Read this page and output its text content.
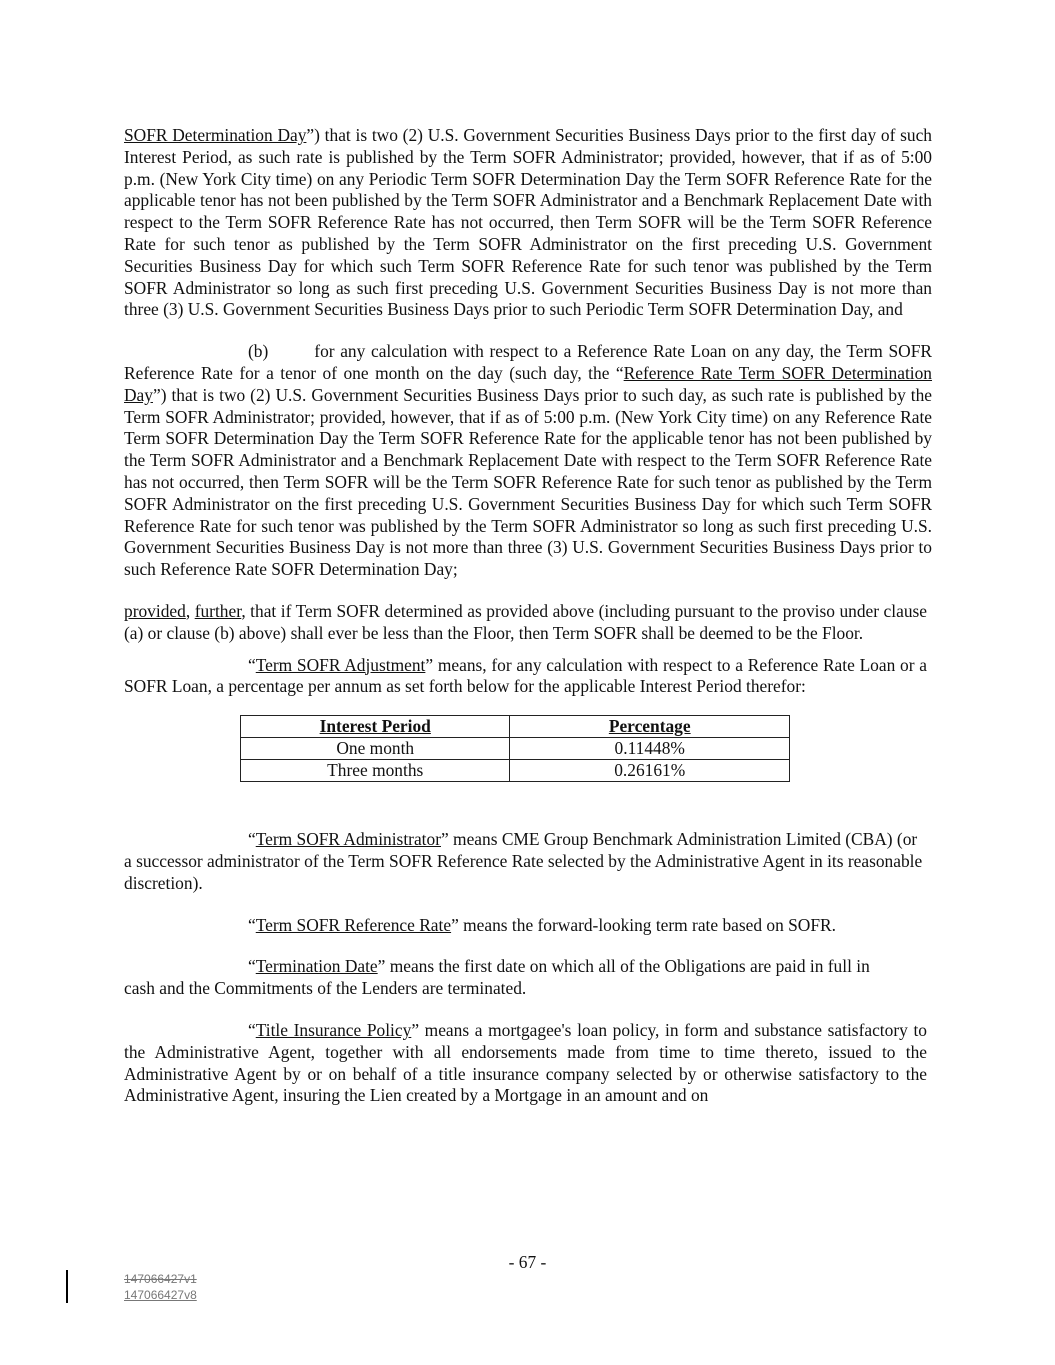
SOFR Determination Day”) that is two (2) U.S. Government Securities Business Days prior to the first day of such Interest Period, as such rate is published by the Term SOFR Administrator; provided, however, that if as of 5:00 p.m. (New York City time) on any Periodic Term SOFR Determination Day the Term SOFR Reference Rate for the applicable tenor has not been published by the Term SOFR Administrator and a Benchmark Replacement Date with respect to the Term SOFR Reference Rate has not occurred, then Term SOFR will be the Term SOFR Reference Rate for such tenor as published by the Term SOFR Administrator on the first preceding U.S. Government Securities Business Day for which such Term SOFR Reference Rate for such tenor was published by the Term SOFR Administrator so long as such first preceding U.S. Government Securities Business Day is not more than three (3) U.S. Government Securities Business Days prior to such Periodic Term SOFR Determination Day, and

(b)	for any calculation with respect to a Reference Rate Loan on any day, the Term SOFR Reference Rate for a tenor of one month on the day (such day, the “Reference Rate Term SOFR Determination Day”) that is two (2) U.S. Government Securities Business Days prior to such day, as such rate is published by the Term SOFR Administrator; provided, however, that if as of 5:00 p.m. (New York City time) on any Reference Rate Term SOFR Determination Day the Term SOFR Reference Rate for the applicable tenor has not been published by the Term SOFR Administrator and a Benchmark Replacement Date with respect to the Term SOFR Reference Rate has not occurred, then Term SOFR will be the Term SOFR Reference Rate for such tenor as published by the Term SOFR Administrator on the first preceding U.S. Government Securities Business Day for which such Term SOFR Reference Rate for such tenor was published by the Term SOFR Administrator so long as such first preceding U.S. Government Securities Business Day is not more than three (3) U.S. Government Securities Business Days prior to such Reference Rate SOFR Determination Day;

provided, further, that if Term SOFR determined as provided above (including pursuant to the proviso under clause (a) or clause (b) above) shall ever be less than the Floor, then Term SOFR shall be deemed to be the Floor.

“Term SOFR Adjustment” means, for any calculation with respect to a Reference Rate Loan or a SOFR Loan, a percentage per annum as set forth below for the applicable Interest Period therefor:

Interest Period	Percentage
One month	0.11448%
Three months	0.26161%

“Term SOFR Administrator” means CME Group Benchmark Administration Limited (CBA) (or a successor administrator of the Term SOFR Reference Rate selected by the Administrative Agent in its reasonable discretion).

“Term SOFR Reference Rate” means the forward-looking term rate based on SOFR.

“Termination Date” means the first date on which all of the Obligations are paid in full in cash and the Commitments of the Lenders are terminated.

“Title Insurance Policy” means a mortgagee's loan policy, in form and substance satisfactory to the Administrative Agent, together with all endorsements made from time to time thereto, issued to the Administrative Agent by or on behalf of a title insurance company selected by or otherwise satisfactory to the Administrative Agent, insuring the Lien created by a Mortgage in an amount and on

- 67 -
147066427v1
147066427v8
